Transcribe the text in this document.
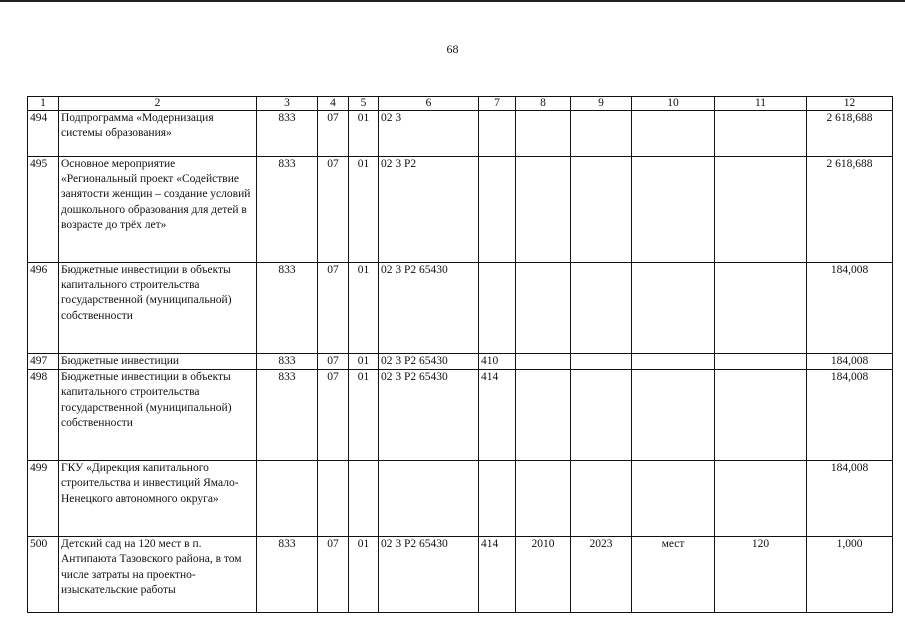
68
1	2	3	4	5	6	7	8	9	10	11	12
494	Подпрограмма «Модернизация системы образования»	833	07	01	02 3						2 618,688
495	Основное мероприятие «Региональный проект «Содействие занятости женщин – создание условий дошкольного образования для детей в возрасте до трёх лет»	833	07	01	02 3 P2						2 618,688
496	Бюджетные инвестиции в объекты капитального строительства государственной (муниципальной) собственности	833	07	01	02 3 P2 65430						184,008
497	Бюджетные инвестиции	833	07	01	02 3 P2 65430	410					184,008
498	Бюджетные инвестиции в объекты капитального строительства государственной (муниципальной) собственности	833	07	01	02 3 P2 65430	414					184,008
499	ГКУ «Дирекция капитального строительства и инвестиций Ямало-Ненецкого автономного округа»										184,008
500	Детский сад на 120 мест в п. Антипаюта Тазовского района, в том числе затраты на проектно-изыскательские работы	833	07	01	02 3 P2 65430	414	2010	2023	мест	120	1,000
